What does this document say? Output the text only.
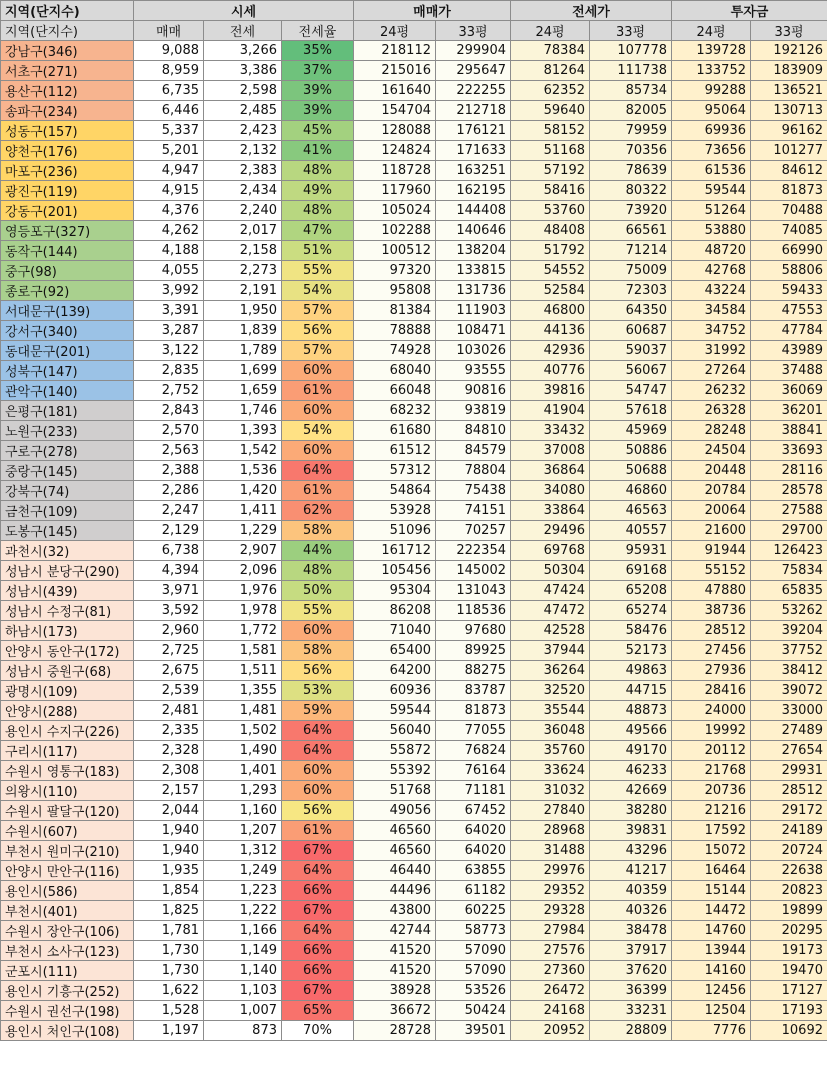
지역(단지수)	시세			매매가		전세가		투자금	
지역(단지수)	매매	전세	전세율	24평	33평	24평	33평	24평	33평
강남구(346)	9,088	3,266	35%	218112	299904	78384	107778	139728	192126
서초구(271)	8,959	3,386	37%	215016	295647	81264	111738	133752	183909
용산구(112)	6,735	2,598	39%	161640	222255	62352	85734	99288	136521
송파구(234)	6,446	2,485	39%	154704	212718	59640	82005	95064	130713
성동구(157)	5,337	2,423	45%	128088	176121	58152	79959	69936	96162
양천구(176)	5,201	2,132	41%	124824	171633	51168	70356	73656	101277
마포구(236)	4,947	2,383	48%	118728	163251	57192	78639	61536	84612
광진구(119)	4,915	2,434	49%	117960	162195	58416	80322	59544	81873
강동구(201)	4,376	2,240	48%	105024	144408	53760	73920	51264	70488
영등포구(327)	4,262	2,017	47%	102288	140646	48408	66561	53880	74085
동작구(144)	4,188	2,158	51%	100512	138204	51792	71214	48720	66990
중구(98)	4,055	2,273	55%	97320	133815	54552	75009	42768	58806
종로구(92)	3,992	2,191	54%	95808	131736	52584	72303	43224	59433
서대문구(139)	3,391	1,950	57%	81384	111903	46800	64350	34584	47553
강서구(340)	3,287	1,839	56%	78888	108471	44136	60687	34752	47784
동대문구(201)	3,122	1,789	57%	74928	103026	42936	59037	31992	43989
성북구(147)	2,835	1,699	60%	68040	93555	40776	56067	27264	37488
관악구(140)	2,752	1,659	61%	66048	90816	39816	54747	26232	36069
은평구(181)	2,843	1,746	60%	68232	93819	41904	57618	26328	36201
노원구(233)	2,570	1,393	54%	61680	84810	33432	45969	28248	38841
구로구(278)	2,563	1,542	60%	61512	84579	37008	50886	24504	33693
중랑구(145)	2,388	1,536	64%	57312	78804	36864	50688	20448	28116
강북구(74)	2,286	1,420	61%	54864	75438	34080	46860	20784	28578
금천구(109)	2,247	1,411	62%	53928	74151	33864	46563	20064	27588
도봉구(145)	2,129	1,229	58%	51096	70257	29496	40557	21600	29700
과천시(32)	6,738	2,907	44%	161712	222354	69768	95931	91944	126423
성남시 분당구(290)	4,394	2,096	48%	105456	145002	50304	69168	55152	75834
성남시(439)	3,971	1,976	50%	95304	131043	47424	65208	47880	65835
성남시 수정구(81)	3,592	1,978	55%	86208	118536	47472	65274	38736	53262
하남시(173)	2,960	1,772	60%	71040	97680	42528	58476	28512	39204
안양시 동안구(172)	2,725	1,581	58%	65400	89925	37944	52173	27456	37752
성남시 중원구(68)	2,675	1,511	56%	64200	88275	36264	49863	27936	38412
광명시(109)	2,539	1,355	53%	60936	83787	32520	44715	28416	39072
안양시(288)	2,481	1,481	59%	59544	81873	35544	48873	24000	33000
용인시 수지구(226)	2,335	1,502	64%	56040	77055	36048	49566	19992	27489
구리시(117)	2,328	1,490	64%	55872	76824	35760	49170	20112	27654
수원시 영통구(183)	2,308	1,401	60%	55392	76164	33624	46233	21768	29931
의왕시(110)	2,157	1,293	60%	51768	71181	31032	42669	20736	28512
수원시 팔달구(120)	2,044	1,160	56%	49056	67452	27840	38280	21216	29172
수원시(607)	1,940	1,207	61%	46560	64020	28968	39831	17592	24189
부천시 원미구(210)	1,940	1,312	67%	46560	64020	31488	43296	15072	20724
안양시 만안구(116)	1,935	1,249	64%	46440	63855	29976	41217	16464	22638
용인시(586)	1,854	1,223	66%	44496	61182	29352	40359	15144	20823
부천시(401)	1,825	1,222	67%	43800	60225	29328	40326	14472	19899
수원시 장안구(106)	1,781	1,166	64%	42744	58773	27984	38478	14760	20295
부천시 소사구(123)	1,730	1,149	66%	41520	57090	27576	37917	13944	19173
군포시(111)	1,730	1,140	66%	41520	57090	27360	37620	14160	19470
용인시 기흥구(252)	1,622	1,103	67%	38928	53526	26472	36399	12456	17127
수원시 권선구(198)	1,528	1,007	65%	36672	50424	24168	33231	12504	17193
용인시 처인구(108)	1,197	873	70%	28728	39501	20952	28809	7776	10692
